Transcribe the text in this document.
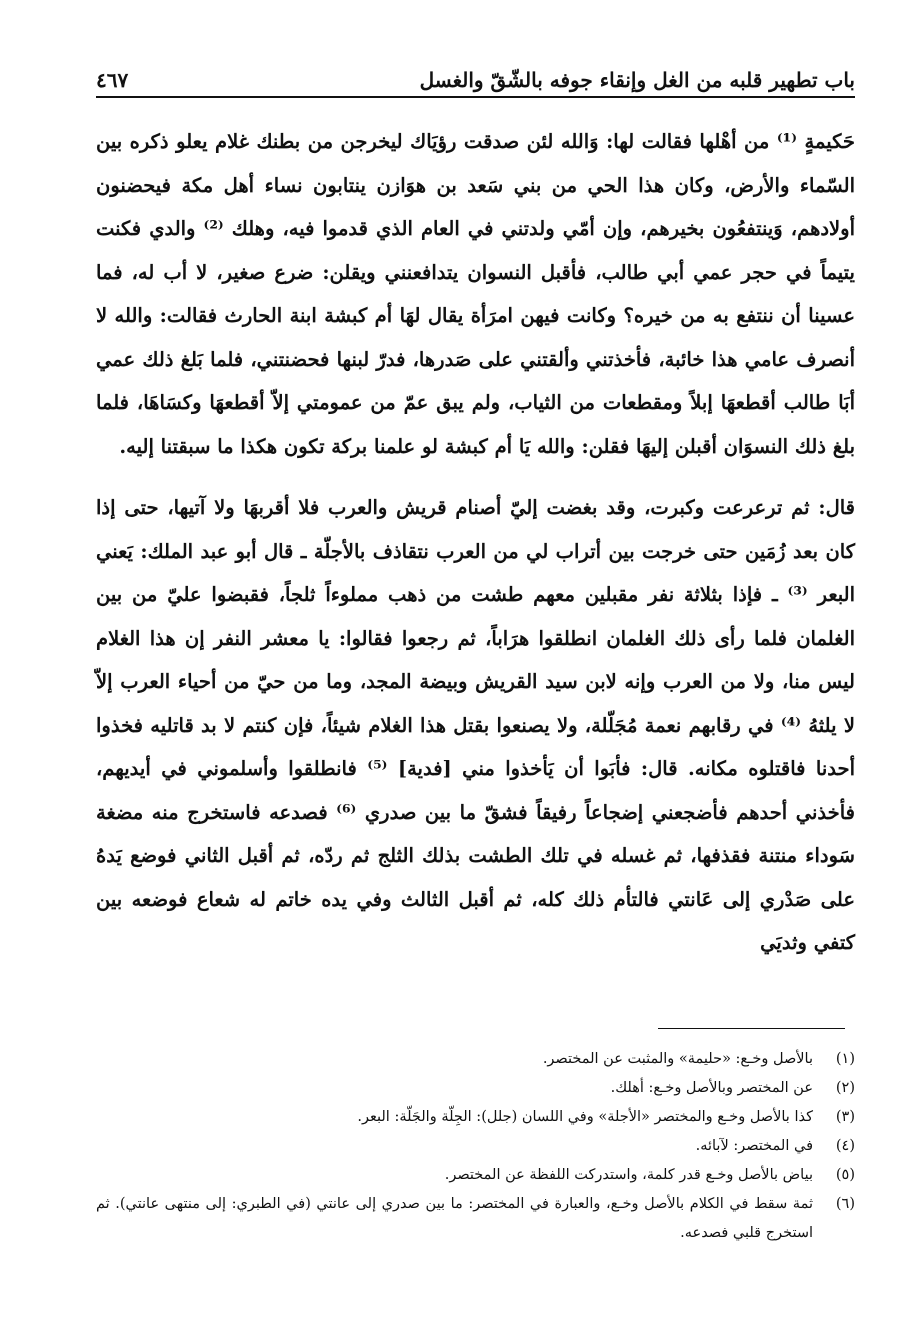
باب تطهير قلبه من الغل وإنقاء جوفه بالشّقّ والغسل
٤٦٧

حَكيمةٍ ⁽¹⁾ من أهْلها فقالت لها: وَالله لئن صدقت رؤيَاك ليخرجن من بطنك غلام يعلو ذكره بين السّماء والأرض، وكان هذا الحي من بني سَعد بن هوَازن ينتابون نساء أهل مكة فيحضنون أولادهم، وَينتفعُون بخيرهم، وإن أمّي ولدتني في العام الذي قدموا فيه، وهلك ⁽²⁾ والدي فكنت يتيماً في حجر عمي أبي طالب، فأقبل النسوان يتدافعنني ويقلن: ضرع صغير، لا أب له، فما عسينا أن ننتفع به من خيره؟ وكانت فيهن امرَأة يقال لهَا أم كبشة ابنة الحارث فقالت: والله لا أنصرف عامي هذا خائبة، فأخذتني وألقتني على صَدرها، فدرّ لبنها فحضنتني، فلما بَلغ ذلك عمي أبَا طالب أقطعهَا إبلاً ومقطعات من الثياب، ولم يبق عمّ من عمومتي إلاّ أقطعهَا وكسَاهَا، فلما بلغ ذلك النسوَان أقبلن إليهَا فقلن: والله يَا أم كبشة لو علمنا بركة تكون هكذا ما سبقتنا إليه.

قال: ثم ترعرعت وكبرت، وقد بغضت إليّ أصنام قريش والعرب فلا أقربهَا ولا آتيها، حتى إذا كان بعد زُمَين حتى خرجت بين أتراب لي من العرب نتقاذف بالأجلّة ـ قال أبو عبد الملك: يَعني البعر ⁽³⁾ ـ فإذا بثلاثة نفر مقبلين معهم طشت من ذهب مملوءاً ثلجاً، فقبضوا عليّ من بين الغلمان فلما رأى ذلك الغلمان انطلقوا هرَاباً، ثم رجعوا فقالوا: يا معشر النفر إن هذا الغلام ليس منا، ولا من العرب وإنه لابن سيد القريش وبيضة المجد، وما من حيّ من أحياء العرب إلاّ لا يلثهُ ⁽⁴⁾ في رقابهم نعمة مُجَلّلة، ولا يصنعوا بقتل هذا الغلام شيئاً، فإن كنتم لا بد قاتليه فخذوا أحدنا فاقتلوه مكانه. قال: فأبَوا أن يَأخذوا مني [فدية] ⁽⁵⁾ فانطلقوا وأسلموني في أيديهم، فأخذني أحدهم فأضجعني إضجاعاً رفيقاً فشقّ ما بين صدري ⁽⁶⁾ فصدعه فاستخرج منه مضغة سَوداء منتنة فقذفها، ثم غسله في تلك الطشت بذلك الثلج ثم ردّه، ثم أقبل الثاني فوضع يَدهُ على صَدْري إلى عَانتي فالتأم ذلك كله، ثم أقبل الثالث وفي يده خاتم له شعاع فوضعه بين كتفي وثديَي

(١)
بالأصل وخـع: «حليمة» والمثبت عن المختصر.
(٢)
عن المختصر وبالأصل وخـع: أهلك.
(٣)
كذا بالأصل وخـع والمختصر «الأجلة» وفي اللسان (جلل): الجِلّة والجَلّة: البعر.
(٤)
في المختصر: لآبائه.
(٥)
بياض بالأصل وخـع قدر كلمة، واستدركت اللفظة عن المختصر.
(٦)
ثمة سقط في الكلام بالأصل وخـع، والعبارة في المختصر: ما بين صدري إلى عانتي (في الطبري: إلى منتهى عانتي). ثم استخرج قلبي فصدعه.
